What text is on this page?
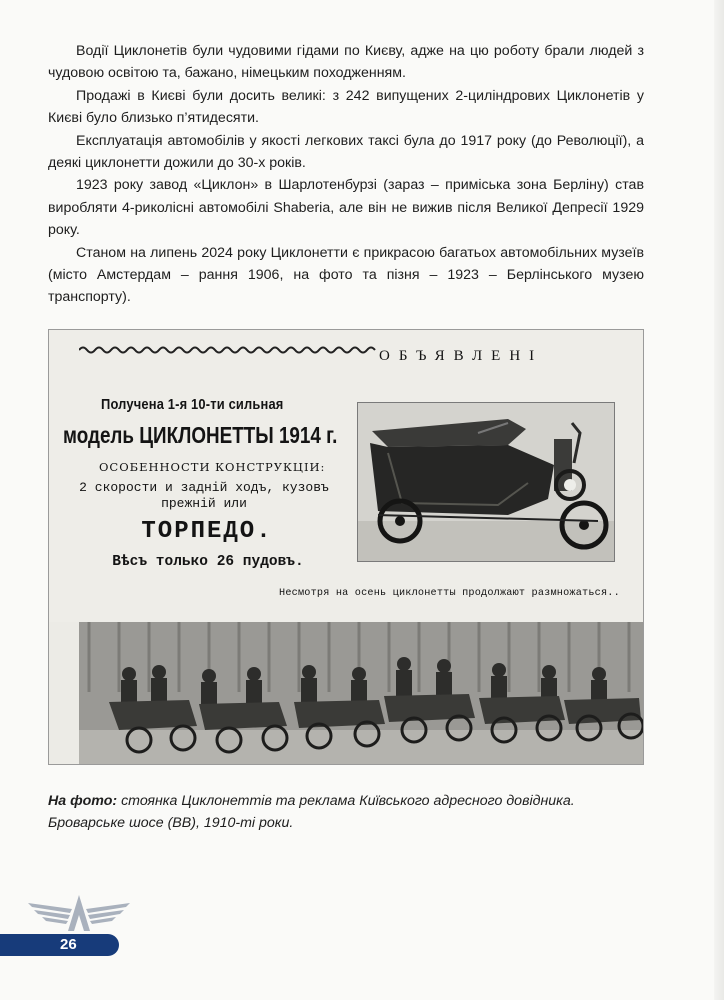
Водії Циклонетів були чудовими гідами по Києву, адже на цю роботу брали людей з чудовою освітою та, бажано, німецьким походженням.

Продажі в Києві були досить великі: з 242 випущених 2-циліндрових Циклонетів у Києві було близько п’ятидесяти.

Експлуатація автомобілів у якості легкових таксі була до 1917 року (до Революції), а деякі циклонетти дожили до 30-х років.

1923 року завод «Циклон» в Шарлотенбурзі (зараз – приміська зона Берліну) став виробляти 4-риколісні автомобілі Shaberia, але він не вижив після Великої Депресії 1929 року.

Станом на липень 2024 року Циклонетти є прикрасою багатьох автомобільних музеїв (місто Амстердам – рання 1906, на фото та пізня – 1923 – Берлінського музею транспорту).

ОБЪЯВЛЕНІ
Получена 1-я 10-ти сильная
модель ЦИКЛОНЕТТЫ 1914 г.
ОСОБЕННОСТИ КОНСТРУКЦІИ:
2 скорости и задній ходъ, кузовъ прежній или
ТОРПЕДО.
Вѣсъ только 26 пудовъ.
Несмотря на осень циклонетты продолжают размножаться..
На фото: стоянка Циклонеттів та реклама Київського адресного довідника. Броварське шосе (ВВ), 1910-ті роки.
26
